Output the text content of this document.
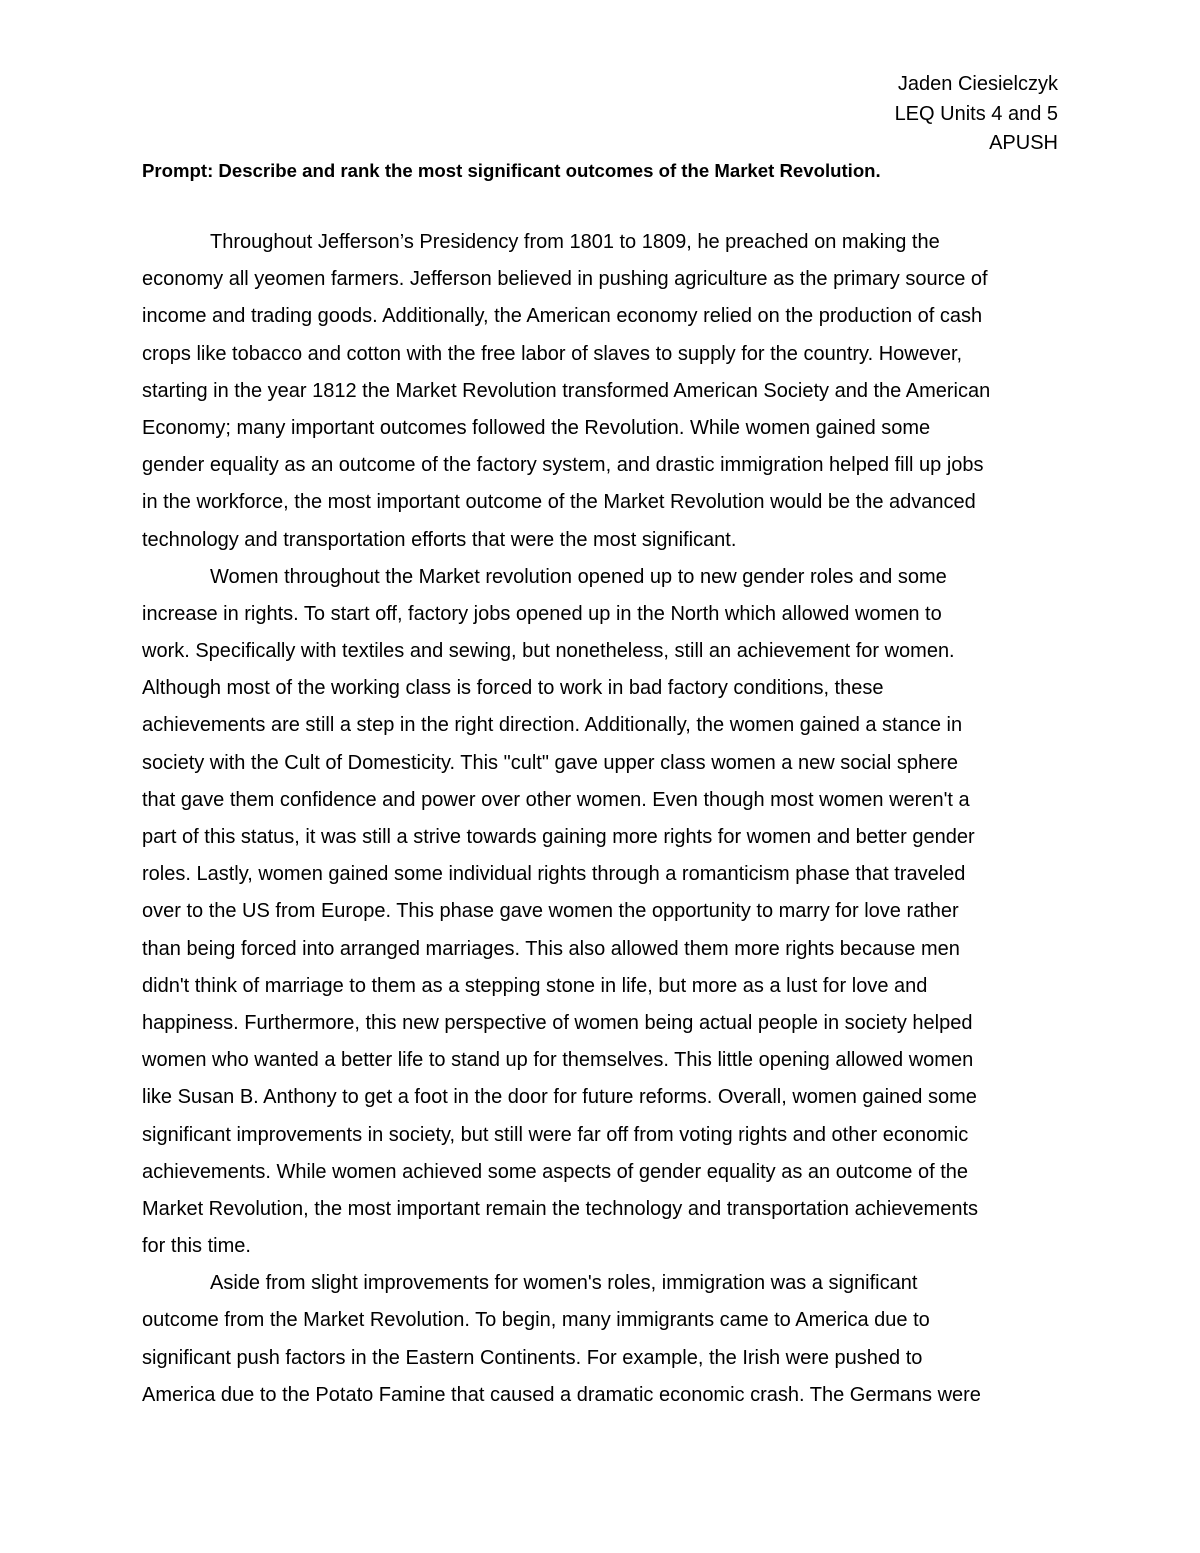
Jaden Ciesielczyk
LEQ Units 4 and 5
APUSH
Prompt: Describe and rank the most significant outcomes of the Market Revolution.
Throughout Jefferson’s Presidency from 1801 to 1809, he preached on making the
economy all yeomen farmers. Jefferson believed in pushing agriculture as the primary source of
income and trading goods. Additionally, the American economy relied on the production of cash
crops like tobacco and cotton with the free labor of slaves to supply for the country. However,
starting in the year 1812 the Market Revolution transformed American Society and the American
Economy; many important outcomes followed the Revolution. While women gained some
gender equality as an outcome of the factory system, and drastic immigration helped fill up jobs
in the workforce, the most important outcome of the Market Revolution would be the advanced
technology and transportation efforts that were the most significant.
Women throughout the Market revolution opened up to new gender roles and some
increase in rights. To start off, factory jobs opened up in the North which allowed women to
work. Specifically with textiles and sewing, but nonetheless, still an achievement for women.
Although most of the working class is forced to work in bad factory conditions, these
achievements are still a step in the right direction. Additionally, the women gained a stance in
society with the Cult of Domesticity. This "cult" gave upper class women a new social sphere
that gave them confidence and power over other women. Even though most women weren't a
part of this status, it was still a strive towards gaining more rights for women and better gender
roles. Lastly, women gained some individual rights through a romanticism phase that traveled
over to the US from Europe. This phase gave women the opportunity to marry for love rather
than being forced into arranged marriages. This also allowed them more rights because men
didn't think of marriage to them as a stepping stone in life, but more as a lust for love and
happiness. Furthermore, this new perspective of women being actual people in society helped
women who wanted a better life to stand up for themselves. This little opening allowed women
like Susan B. Anthony to get a foot in the door for future reforms. Overall, women gained some
significant improvements in society, but still were far off from voting rights and other economic
achievements. While women achieved some aspects of gender equality as an outcome of the
Market Revolution, the most important remain the technology and transportation achievements
for this time.
Aside from slight improvements for women's roles, immigration was a significant
outcome from the Market Revolution. To begin, many immigrants came to America due to
significant push factors in the Eastern Continents. For example, the Irish were pushed to
America due to the Potato Famine that caused a dramatic economic crash. The Germans were
